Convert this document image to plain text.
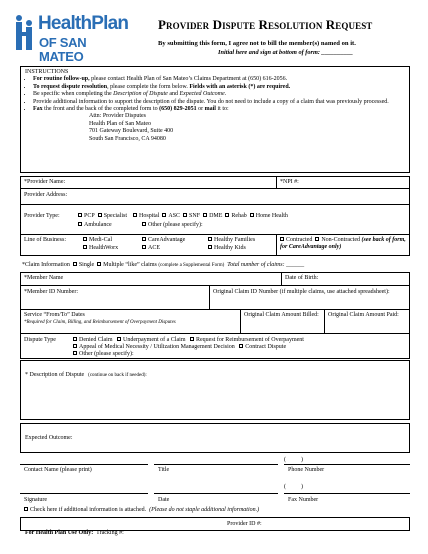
HealthPlan
OF SAN MATEO
Provider Dispute Resolution Request
By submitting this form, I agree not to bill the member(s) named on it.
Initial here and sign at bottom of form: __________
INSTRUCTIONS
• For routine follow-up, please contact Health Plan of San Mateo’s Claims Department at (650) 616-2056.
• To request dispute resolution, please complete the form below. Fields with an asterisk (*) are required.
• Be specific when completing the Description of Dispute and Expected Outcome.
• Provide additional information to support the description of the dispute. You do not need to include a copy of a claim that was previously processed.
• Fax the front and the back of the completed form to (650) 829-2051 or mail it to:
Attn: Provider Disputes
Health Plan of San Mateo
701 Gateway Boulevard, Suite 400
South San Francisco, CA 94080
*Provider Name:	*NPI #:
Provider Address:
Provider Type:	PCP Specialist Hospital ASC SNF DME Rehab Home Health
Ambulance	Other (please specify):
Line of Business:	Medi-Cal	CareAdvantage	Healthy Families
HealthWorx	ACE	Healthy Kids
Contracted Non-Contracted (see back of form, for CareAdvantage only)
*Claim Information Single Multiple “like” claims (complete a Supplemental Form) Total number of claims: ______
*Member Name	Date of Birth:
*Member ID Number:	Original Claim ID Number (if multiple claims, use attached spreadsheet):
Service “From/To” Dates
*Required for Claim, Billing, and Reimbursement of Overpayment Disputes
Original Claim Amount Billed:	Original Claim Amount Paid:
Dispute Type	Denied Claim Underpayment of a Claim Request for Reimbursement of Overpayment
Appeal of Medical Necessity / Utilization Management Decision Contract Dispute
Other (please specify):
* Description of Dispute (continue on back if needed):
Expected Outcome:
(          )
Contact Name (please print)	Title	Phone Number
(          )
Signature	Date	Fax Number
Check here if additional information is attached. (Please do not staple additional information.)
For Health Plan Use Only: Tracking #:
Provider ID #:
